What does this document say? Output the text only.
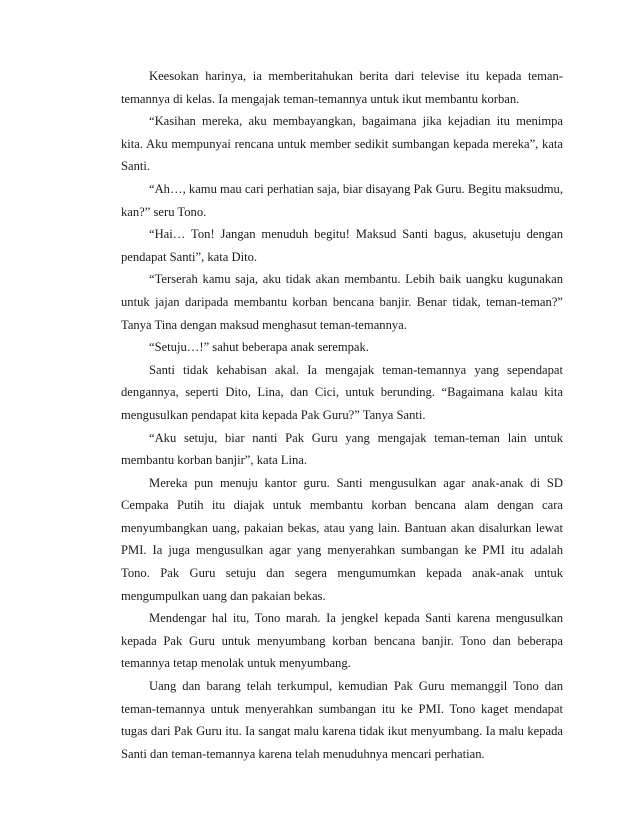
Keesokan harinya, ia memberitahukan berita dari televise itu kepada teman-temannya di kelas. Ia mengajak teman-temannya untuk ikut membantu korban.

“Kasihan mereka, aku membayangkan, bagaimana jika kejadian itu menimpa kita. Aku mempunyai rencana untuk member sedikit sumbangan kepada mereka”, kata Santi.

“Ah…, kamu mau cari perhatian saja, biar disayang Pak Guru. Begitu maksudmu, kan?” seru Tono.

“Hai… Ton! Jangan menuduh begitu! Maksud Santi bagus, akusetuju dengan pendapat Santi”, kata Dito.

“Terserah kamu saja, aku tidak akan membantu. Lebih baik uangku kugunakan untuk jajan daripada membantu korban bencana banjir. Benar tidak, teman-teman?” Tanya Tina dengan maksud menghasut teman-temannya.

“Setuju…!” sahut beberapa anak serempak.

Santi tidak kehabisan akal. Ia mengajak teman-temannya yang sependapat dengannya, seperti Dito, Lina, dan Cici, untuk berunding. “Bagaimana kalau kita mengusulkan pendapat kita kepada Pak Guru?” Tanya Santi.

“Aku setuju, biar nanti Pak Guru yang mengajak teman-teman lain untuk membantu korban banjir”, kata Lina.

Mereka pun menuju kantor guru. Santi mengusulkan agar anak-anak di SD Cempaka Putih itu diajak untuk membantu korban bencana alam dengan cara menyumbangkan uang, pakaian bekas, atau yang lain. Bantuan akan disalurkan lewat PMI. Ia juga mengusulkan agar yang menyerahkan sumbangan ke PMI itu adalah Tono. Pak Guru setuju dan segera mengumumkan kepada anak-anak untuk mengumpulkan uang dan pakaian bekas.

Mendengar hal itu, Tono marah. Ia jengkel kepada Santi karena mengusulkan kepada Pak Guru untuk menyumbang korban bencana banjir. Tono dan beberapa temannya tetap menolak untuk menyumbang.

Uang dan barang telah terkumpul, kemudian Pak Guru memanggil Tono dan teman-temannya untuk menyerahkan sumbangan itu ke PMI. Tono kaget mendapat tugas dari Pak Guru itu. Ia sangat malu karena tidak ikut menyumbang. Ia malu kepada Santi dan teman-temannya karena telah menuduhnya mencari perhatian.
